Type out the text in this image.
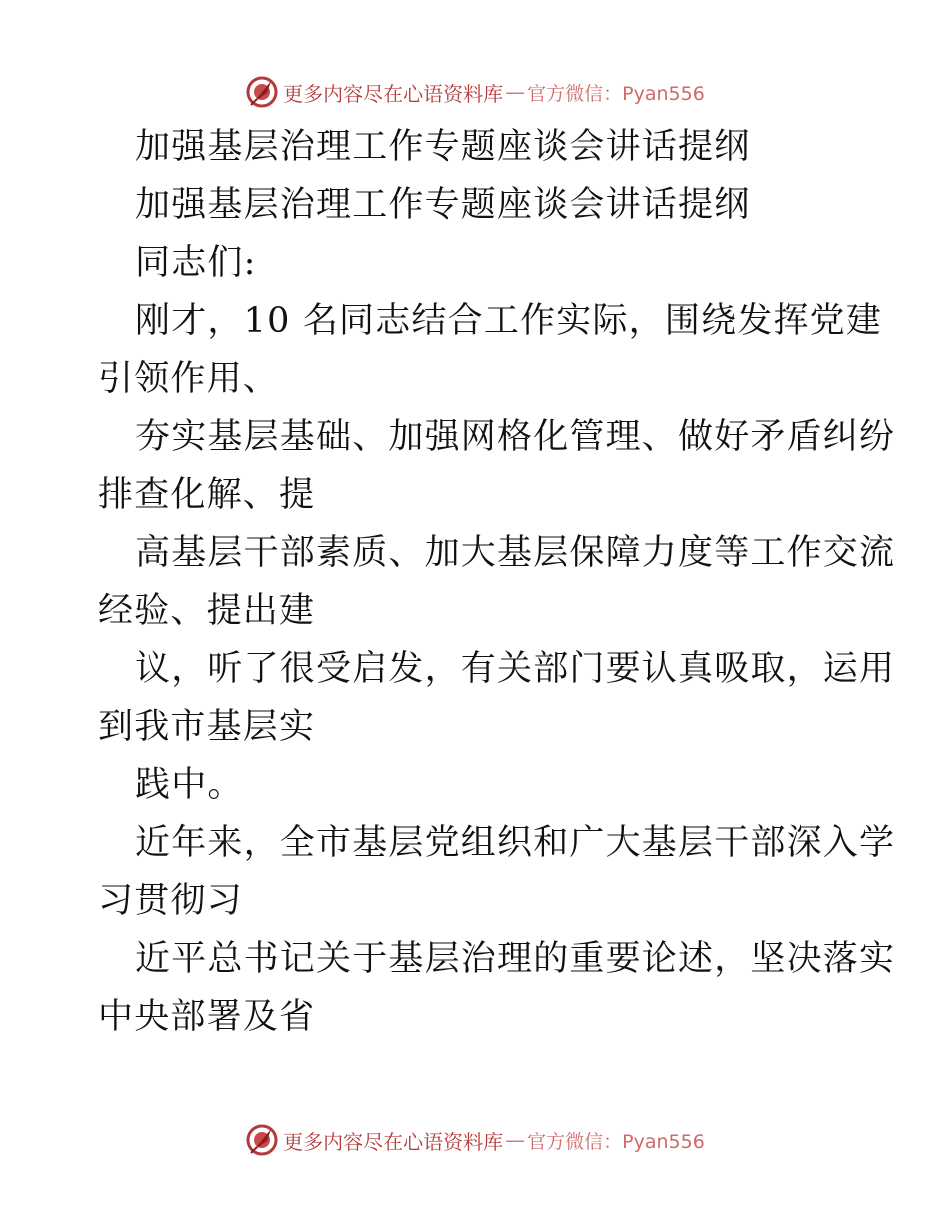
更多内容尽在心语资料库 — 官方微信：Pyan556
加强基层治理工作专题座谈会讲话提纲
加强基层治理工作专题座谈会讲话提纲
同志们:
刚才，10 名同志结合工作实际，围绕发挥党建
引领作用、
夯实基层基础、加强网格化管理、做好矛盾纠纷
排查化解、提
高基层干部素质、加大基层保障力度等工作交流
经验、提出建
议，听了很受启发，有关部门要认真吸取，运用
到我市基层实
践中。
近年来，全市基层党组织和广大基层干部深入学
习贯彻习
近平总书记关于基层治理的重要论述，坚决落实
中央部署及省
更多内容尽在心语资料库 — 官方微信：Pyan556
